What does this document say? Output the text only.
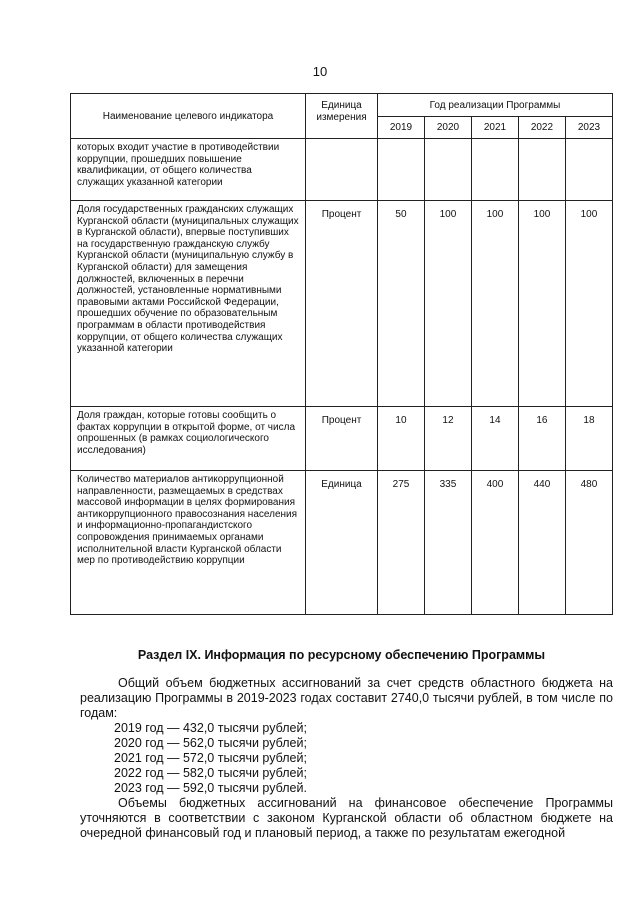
10
Наименование целевого индикатора	Единица измерения	Год реализации Программы				
		2019	2020	2021	2022	2023
которых входит участие в противодействии коррупции, прошедших повышение квалификации, от общего количества служащих указанной категории						
Доля государственных гражданских служащих Курганской области (муниципальных служащих в Курганской области), впервые поступивших на государственную гражданскую службу Курганской области (муниципальную службу в Курганской области) для замещения должностей, включенных в перечни должностей, установленные нормативными правовыми актами Российской Федерации, прошедших обучение по образовательным программам в области противодействия коррупции, от общего количества служащих указанной категории	Процент	50	100	100	100	100
Доля граждан, которые готовы сообщить о фактах коррупции в открытой форме, от числа опрошенных (в рамках социологического исследования)	Процент	10	12	14	16	18
Количество материалов антикоррупционной направленности, размещаемых в средствах массовой информации в целях формирования антикоррупционного правосознания населения и информационно-пропагандистского сопровождения принимаемых органами исполнительной власти Курганской области мер по противодействию коррупции	Единица	275	335	400	440	480
Раздел IX. Информация по ресурсному обеспечению Программы

Общий объем бюджетных ассигнований за счет средств областного бюджета на реализацию Программы в 2019-2023 годах составит 2740,0 тысячи рублей, в том числе по годам:

2019 год — 432,0 тысячи рублей;

2020 год — 562,0 тысячи рублей;

2021 год — 572,0 тысячи рублей;

2022 год — 582,0 тысячи рублей;

2023 год — 592,0 тысячи рублей.

Объемы бюджетных ассигнований на финансовое обеспечение Программы уточняются в соответствии с законом Курганской области об областном бюджете на очередной финансовый год и плановый период, а также по результатам ежегодной
